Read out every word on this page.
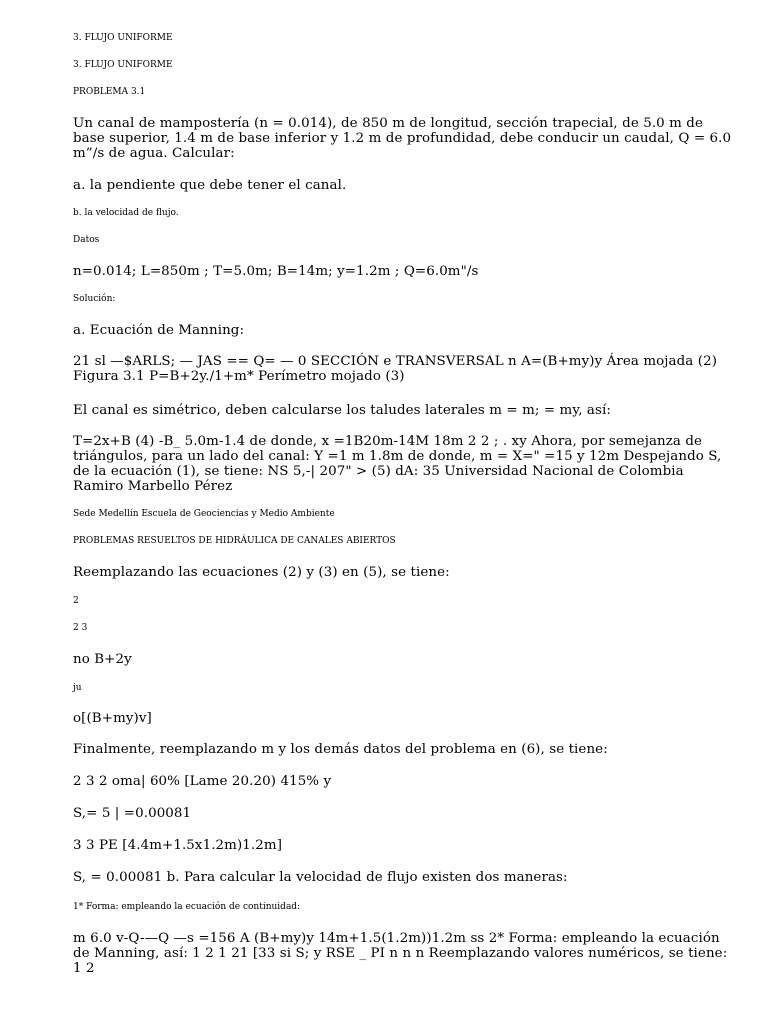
3. FLUJO UNIFORME

3. FLUJO UNIFORME

PROBLEMA 3.1

Un canal de mampostería (n = 0.014), de 850 m de longitud, sección trapecial, de 5.0 m de

base superior, 1.4 m de base inferior y 1.2 m de profundidad, debe conducir un caudal, Q = 6.0

m”/s de agua. Calcular:

a. la pendiente que debe tener el canal.

b. la velocidad de flujo.

Datos

n=0.014; L=850m ; T=5.0m; B=14m; y=1.2m ; Q=6.0m"/s

Solución:

a. Ecuación de Manning:

21 sl —$ARLS; — JAS == Q= — 0 SECCIÓN e TRANSVERSAL n A=(B+my)y Área mojada (2)

Figura 3.1 P=B+2y./1+m* Perímetro mojado (3)

El canal es simétrico, deben calcularse los taludes laterales m = m; = my, así:

T=2x+B (4) -B_ 5.0m-1.4 de donde, x =1B20m-14M 18m 2 2 ; . xy Ahora, por semejanza de

triángulos, para un lado del canal: Y =1 m 1.8m de donde, m = X=" =15 y 12m Despejando S,

de la ecuación (1), se tiene: NS 5,-| 207" > (5) dA: 35 Universidad Nacional de Colombia

Ramiro Marbello Pérez

Sede Medellín Escuela de Geociencias y Medio Ambiente

PROBLEMAS RESUELTOS DE HIDRÁULICA DE CANALES ABIERTOS

Reemplazando las ecuaciones (2) y (3) en (5), se tiene:

2

2 3

no B+2y

ju

o[(B+my)v]

Finalmente, reemplazando m y los demás datos del problema en (6), se tiene:

2 3 2 oma| 60% [Lame 20.20) 415% y

S,= 5 | =0.00081

3 3 PE [4.4m+1.5x1.2m)1.2m]

S, = 0.00081 b. Para calcular la velocidad de flujo existen dos maneras:

1* Forma: empleando la ecuación de continuidad:

m 6.0 v-Q-—Q —s =156 A (B+my)y 14m+1.5(1.2m))1.2m ss 2* Forma: empleando la ecuación

de Manning, así: 1 2 1 21 [33 si S; y RSE _ PI n n n Reemplazando valores numéricos, se tiene:

1 2
